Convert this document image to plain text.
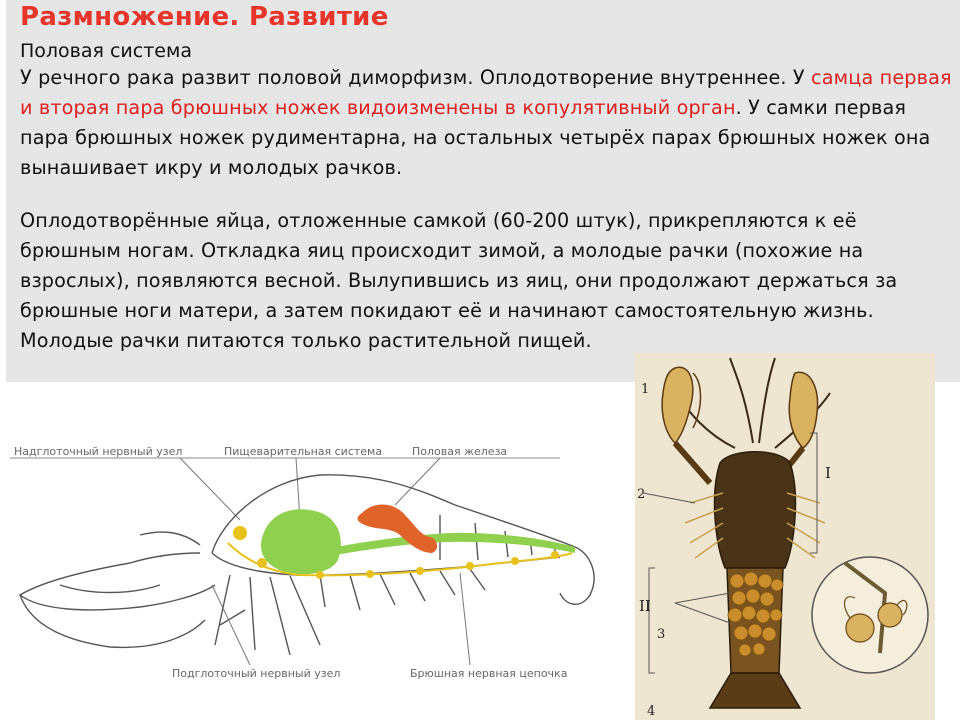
Размножение. Развитие
Половая система

У речного рака развит половой диморфизм. Оплодотворение внутреннее. У самца первая и вторая пара брюшных ножек видоизменены в копулятивный орган. У самки первая пара брюшных ножек рудиментарна, на остальных четырёх парах брюшных ножек она вынашивает икру и молодых рачков.

Оплодотворённые яйца, отложенные самкой (60-200 штук), прикрепляются к её брюшным ногам. Откладка яиц происходит зимой, а молодые рачки (похожие на взрослых), появляются весной. Вылупившись из яиц, они продолжают держаться за брюшные ноги матери, а затем покидают её и начинают самостоятельную жизнь. Молодые рачки питаются только растительной пищей.

Надглоточный нервный узел	Пищеварительная система	Половая железа
Подглоточный нервный узел	Брюшная нервная цепочка
1
2
3
4
I
II
